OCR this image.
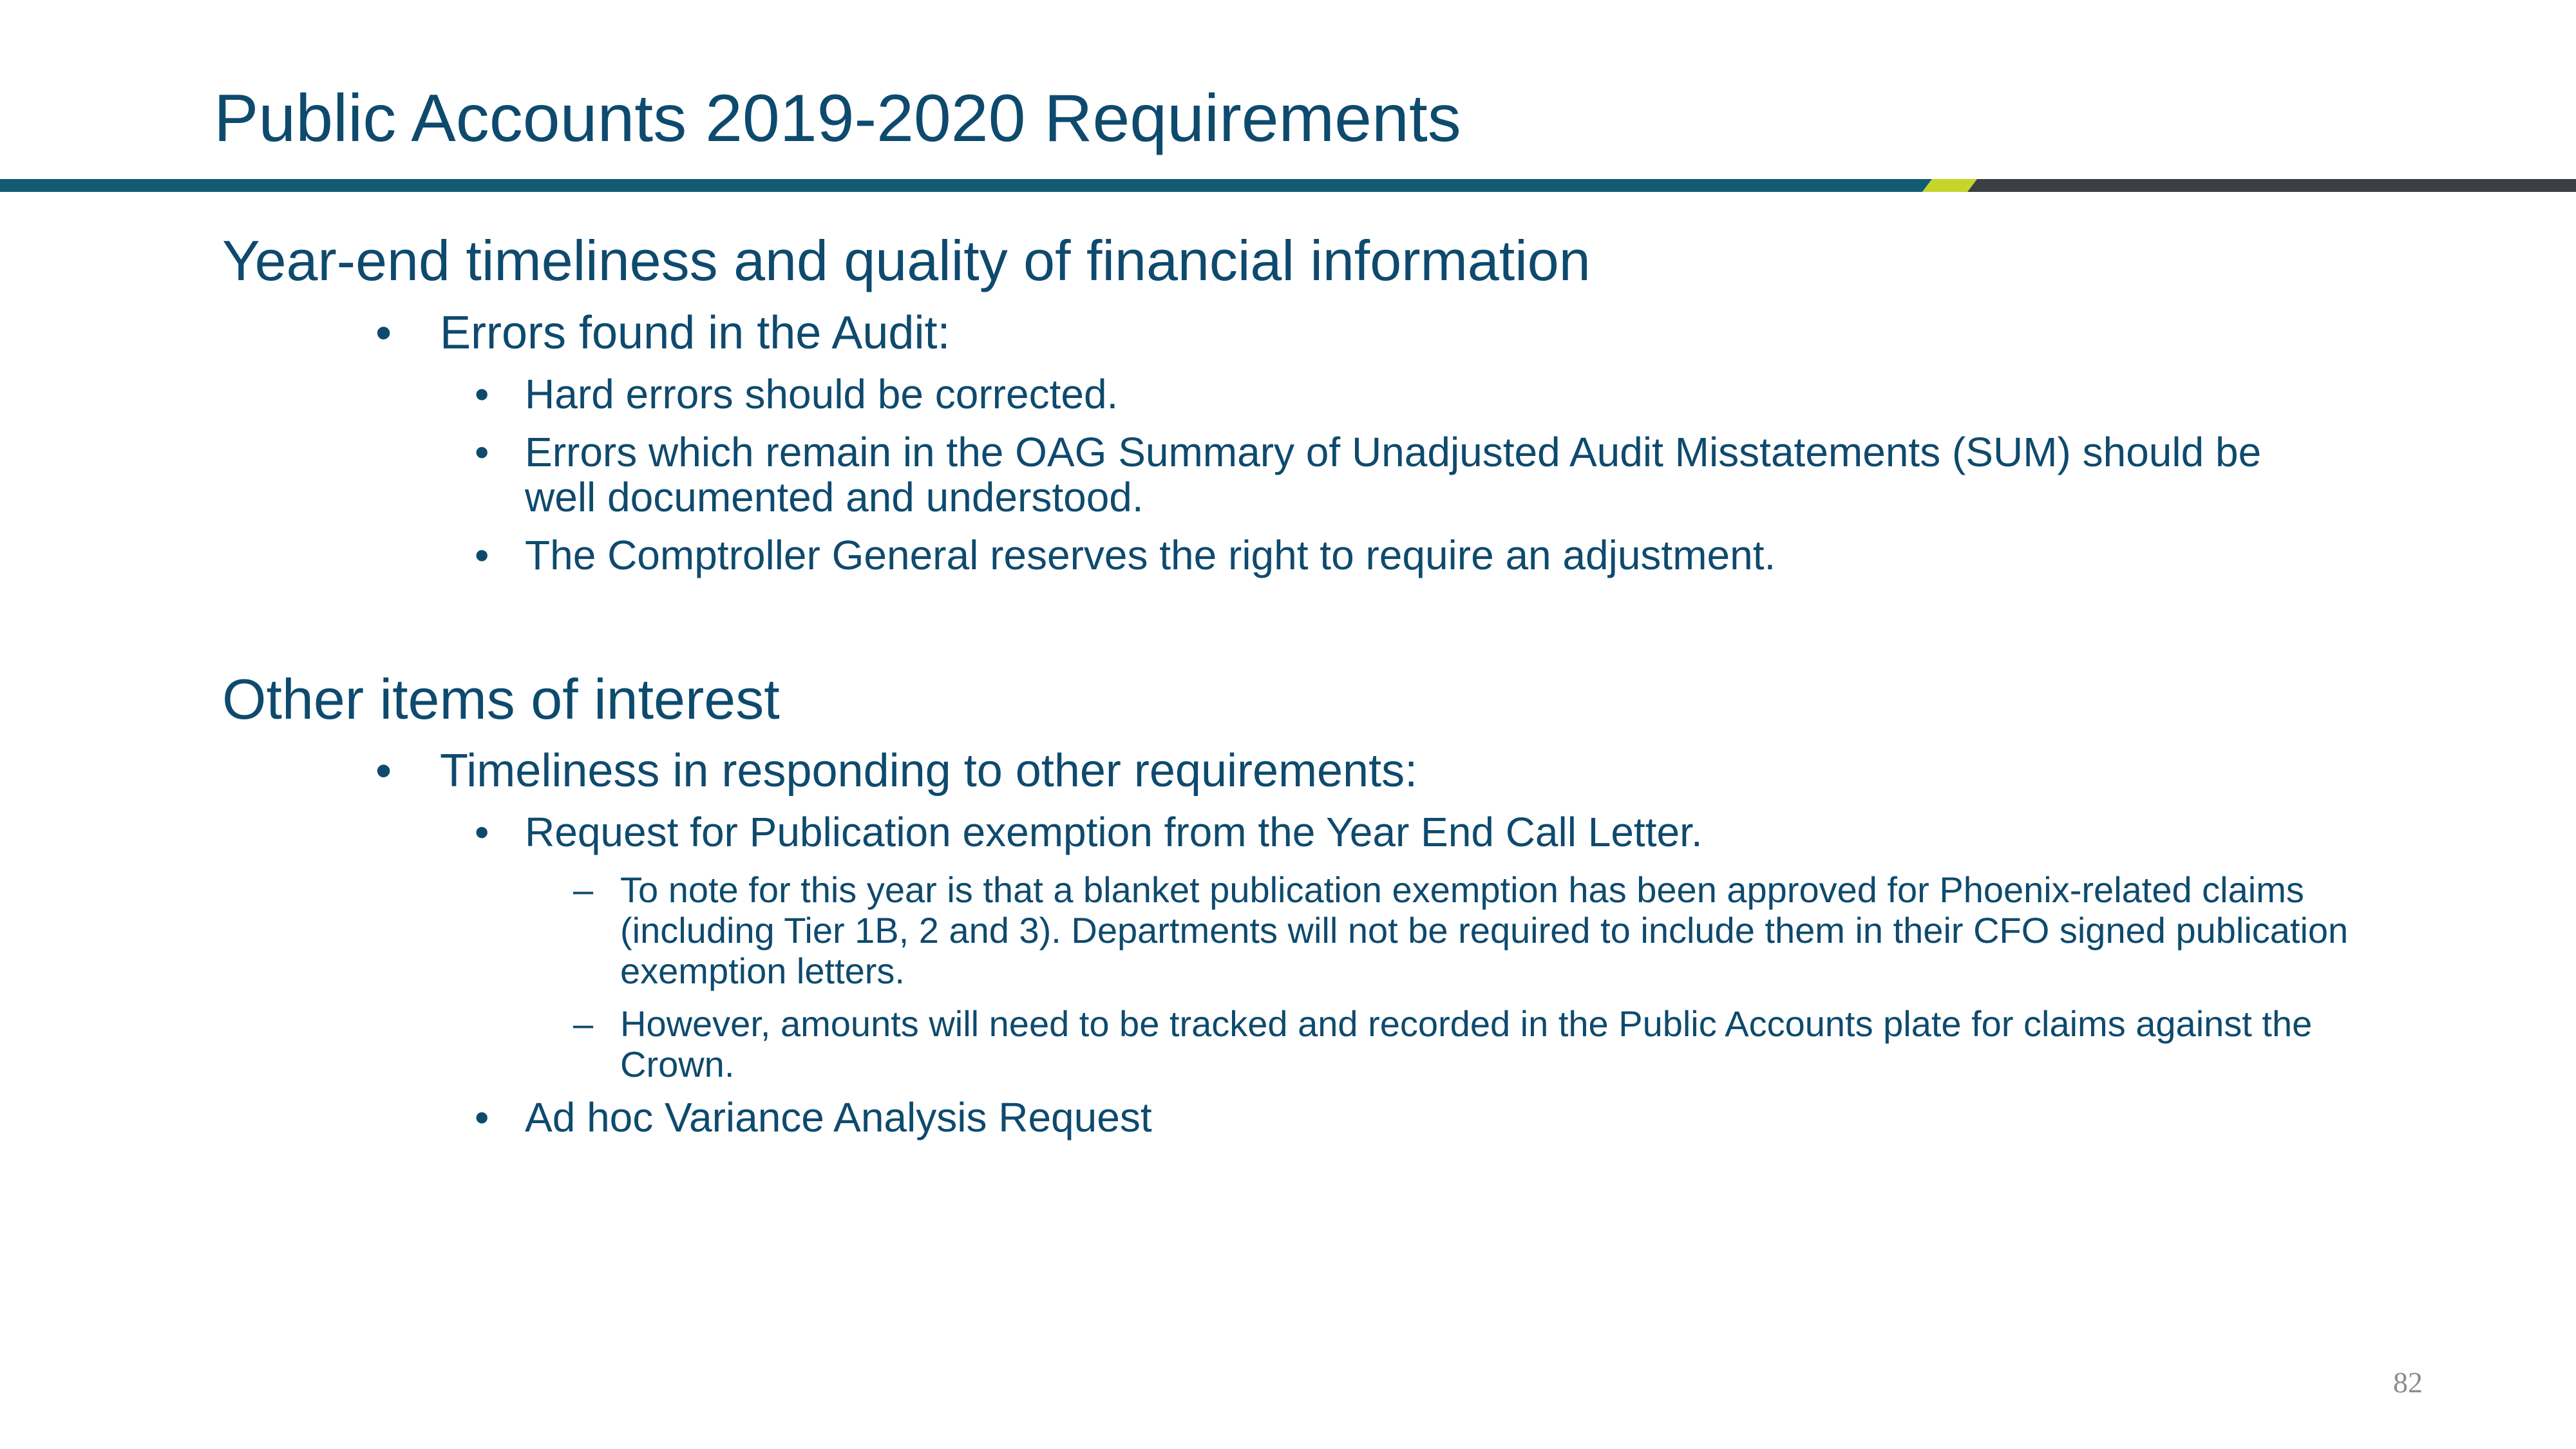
Public Accounts 2019-2020 Requirements
Year-end timeliness and quality of financial information
• Errors found in the Audit:
• Hard errors should be corrected.
• Errors which remain in the OAG Summary of Unadjusted Audit Misstatements (SUM) should be well documented and understood.
• The Comptroller General reserves the right to require an adjustment.
Other items of interest
• Timeliness in responding to other requirements:
• Request for Publication exemption from the Year End Call Letter.
– To note for this year is that a blanket publication exemption has been approved for Phoenix-related claims (including Tier 1B, 2 and 3). Departments will not be required to include them in their CFO signed publication exemption letters.
– However, amounts will need to be tracked and recorded in the Public Accounts plate for claims against the Crown.
• Ad hoc Variance Analysis Request
82
